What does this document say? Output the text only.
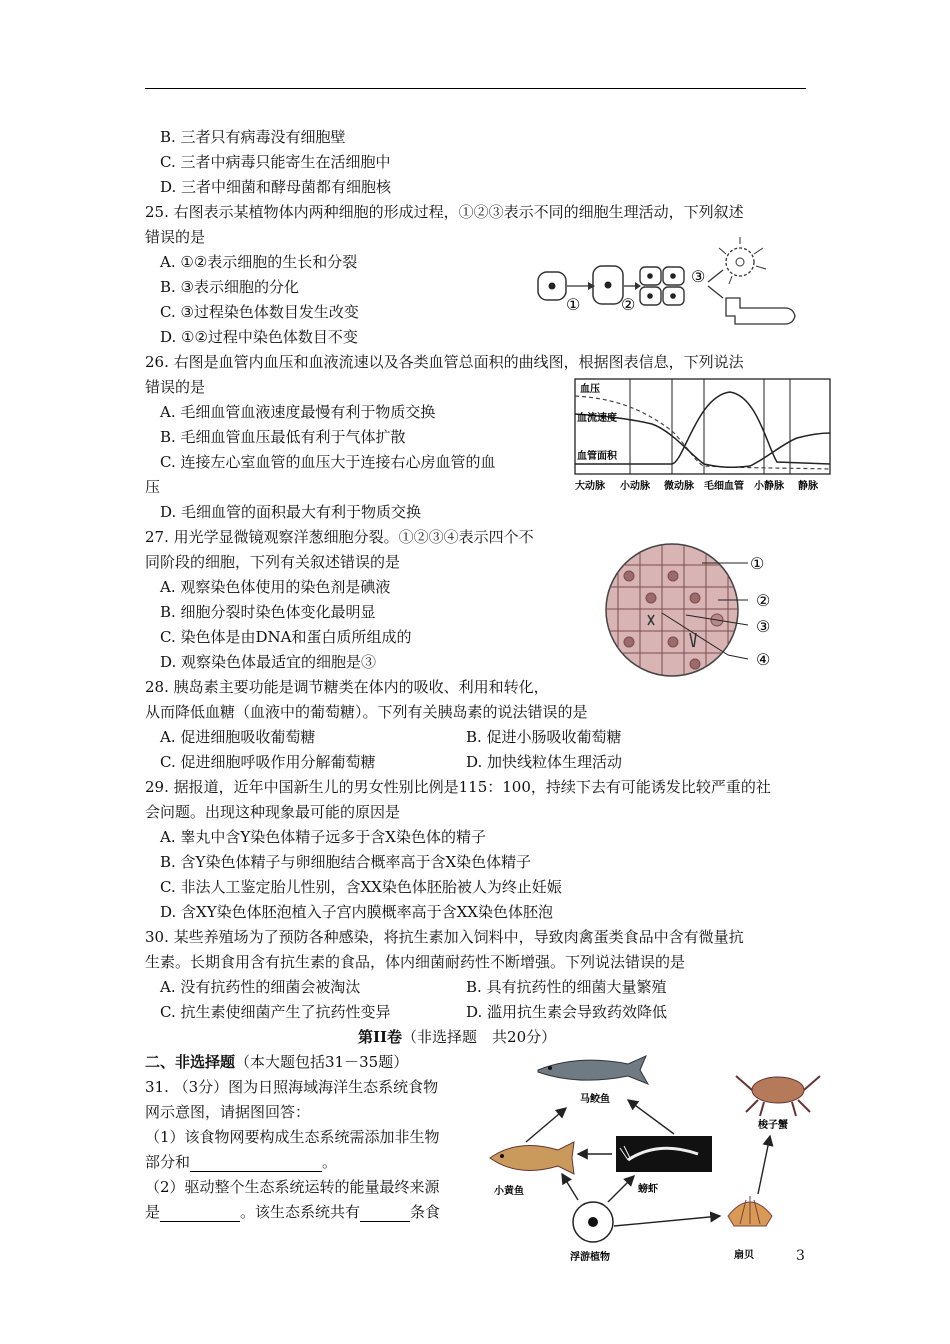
B. 三者只有病毒没有细胞壁
C. 三者中病毒只能寄生在活细胞中
D. 三者中细菌和酵母菌都有细胞核
25. 右图表示某植物体内两种细胞的形成过程，①②③表示不同的细胞生理活动，下列叙述
错误的是
A. ①②表示细胞的生长和分裂
B. ③表示细胞的分化
C. ③过程染色体数目发生改变
D. ①②过程中染色体数目不变
①	②
③
26. 右图是血管内血压和血液流速以及各类血管总面积的曲线图，根据图表信息，下列说法
错误的是
A. 毛细血管血液速度最慢有利于物质交换
B. 毛细血管血压最低有利于气体扩散
C. 连接左心室血管的血压大于连接右心房血管的血
压
D. 毛细血管的面积最大有利于物质交换
血压
血流速度
血管面积
大动脉 小动脉 微动脉 毛细血管 小静脉 静脉
27. 用光学显微镜观察洋葱细胞分裂。①②③④表示四个不
同阶段的细胞，下列有关叙述错误的是
A. 观察染色体使用的染色剂是碘液
B. 细胞分裂时染色体变化最明显
C. 染色体是由DNA和蛋白质所组成的
D. 观察染色体最适宜的细胞是③
①
②
③
④
28. 胰岛素主要功能是调节糖类在体内的吸收、利用和转化，
从而降低血糖（血液中的葡萄糖）。下列有关胰岛素的说法错误的是
A. 促进细胞吸收葡萄糖	B. 促进小肠吸收葡萄糖
C. 促进细胞呼吸作用分解葡萄糖	D. 加快线粒体生理活动
29. 据报道，近年中国新生儿的男女性别比例是115：100，持续下去有可能诱发比较严重的社
会问题。出现这种现象最可能的原因是
A. 睾丸中含Y染色体精子远多于含X染色体的精子
B. 含Y染色体精子与卵细胞结合概率高于含X染色体精子
C. 非法人工鉴定胎儿性别，含XX染色体胚胎被人为终止妊娠
D. 含XY染色体胚泡植入子宫内膜概率高于含XX染色体胚泡
30. 某些养殖场为了预防各种感染，将抗生素加入饲料中，导致肉禽蛋类食品中含有微量抗
生素。长期食用含有抗生素的食品，体内细菌耐药性不断增强。下列说法错误的是
A. 没有抗药性的细菌会被淘汰	B. 具有抗药性的细菌大量繁殖
C. 抗生素使细菌产生了抗药性变异	D. 滥用抗生素会导致药效降低
第II卷（非选择题　共20分）
二、非选择题（本大题包括31－35题）
31. （3分）图为日照海域海洋生态系统食物
网示意图，请据图回答：
（1）该食物网要构成生态系统需添加非生物
部分和	。
（2）驱动整个生态系统运转的能量最终来源
是	。该生态系统共有	条食
马鲛鱼
梭子蟹
小黄鱼	螃虾
浮游植物	扇贝	3
